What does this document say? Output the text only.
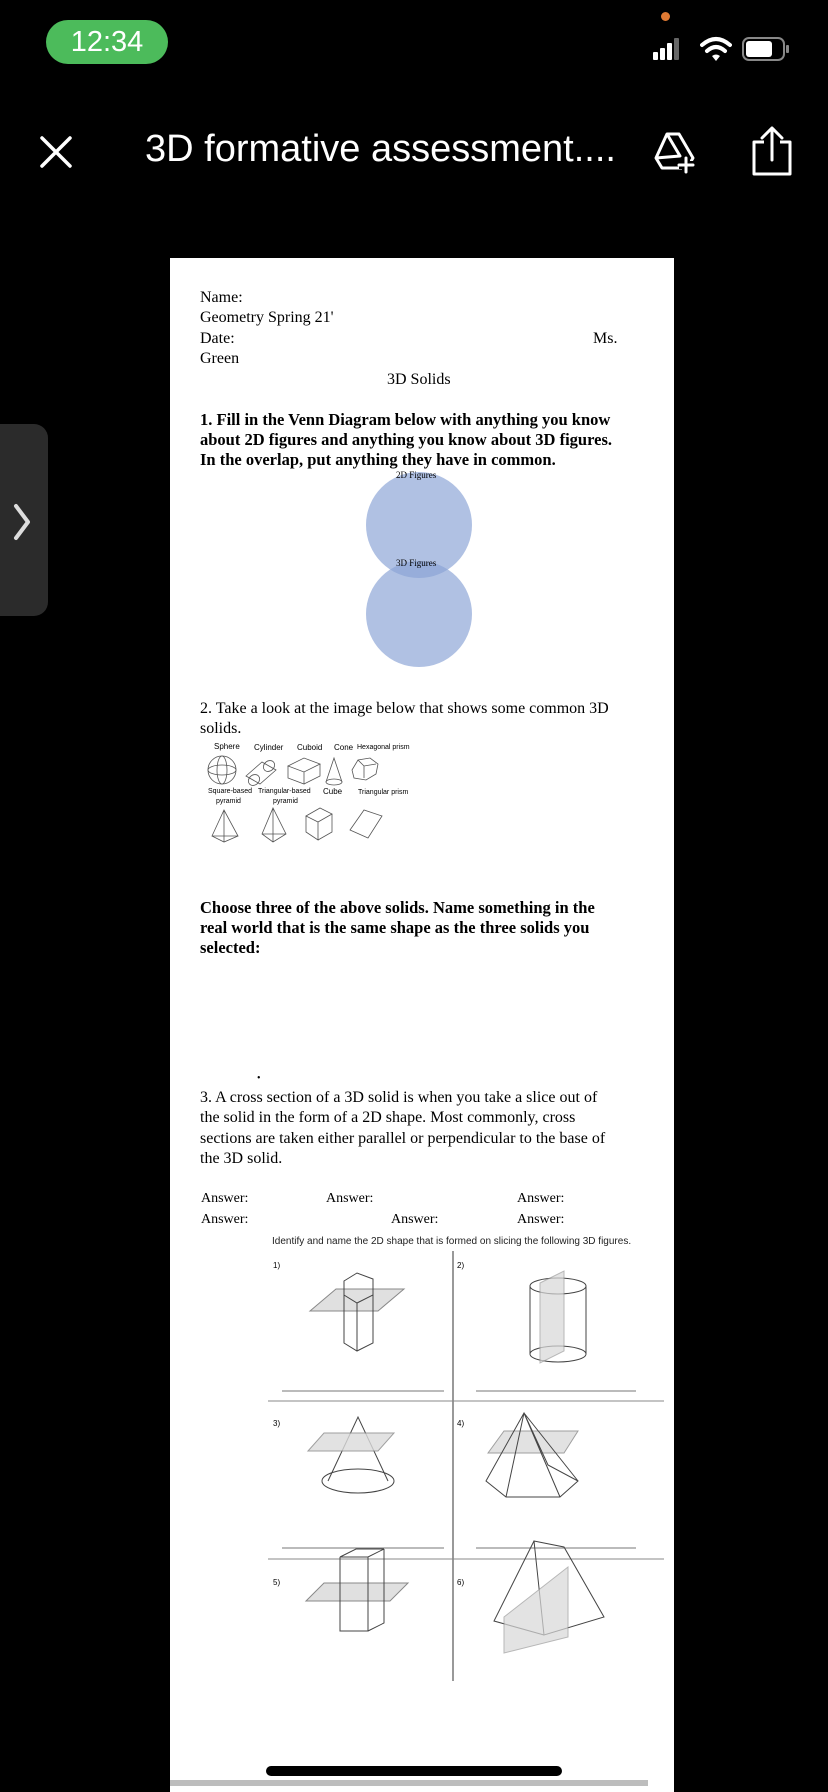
12:34
3D formative assessment....
Name:
Geometry Spring 21'
Date:	Ms.
Green
3D Solids
1. Fill in the Venn Diagram below with anything you know
about 2D figures and anything you know about 3D figures.
In the overlap, put anything they have in common.
2D Figures
3D Figures
2. Take a look at the image below that shows some common 3D
solids.
Sphere Cylinder Cuboid Cone Hexagonal prism
Square-based
pyramid
Triangular-based
pyramid
Cube Triangular prism
Choose three of the above solids. Name something in the
real world that is the same shape as the three solids you
selected:
•
3. A cross section of a 3D solid is when you take a slice out of
the solid in the form of a 2D shape. Most commonly, cross
sections are taken either parallel or perpendicular to the base of
the 3D solid.
Answer:	Answer:	Answer:
Answer:	Answer:	Answer:
Identify and name the 2D shape that is formed on slicing the following 3D figures.
1)	2)
3)	4)
5)	6)
